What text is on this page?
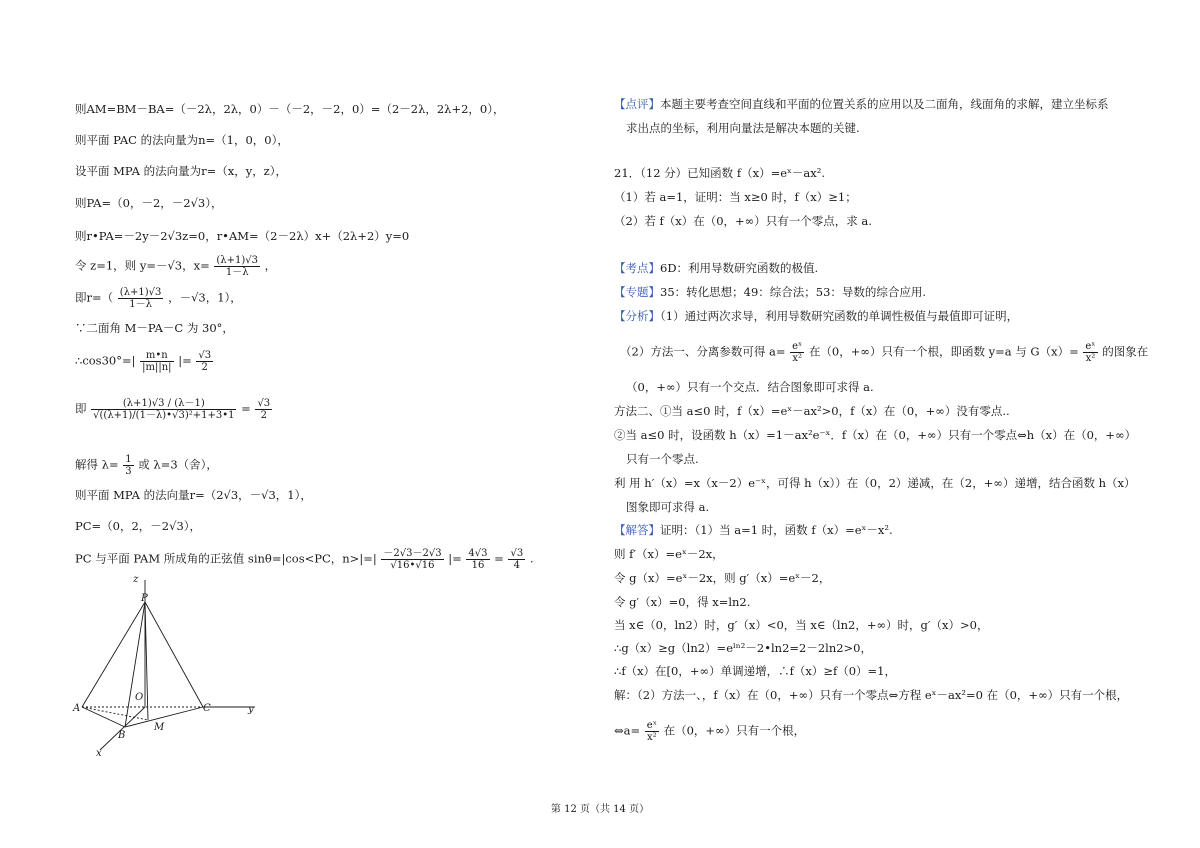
则AM=BM－BA=（－2λ，2λ，0）－（－2，－2，0）=（2－2λ，2λ+2，0），
则平面 PAC 的法向量为n=（1，0，0），
设平面 MPA 的法向量为r=（x，y，z），
则PA=（0，－2，－2√3），
则r•PA=－2y－2√3z=0，r•AM=（2－2λ）x+（2λ+2）y=0
令 z=1，则 y=－√3，$x= \frac{(\lambda+1)√3}{1-\lambda}$ ，
即$r=( \frac{(\lambda+1)√3}{1-\lambda}$ ，－√3，1），
∵二面角 M－PA－C 为 30°，
∴cos30°=| $\frac{m•n}{|m||n|}$ |= $\frac{√3}{2}$
即 $\frac{(\lambda+1)√3 / (\lambda-1)}{\text{√((λ+1)/(1－λ)•√3)²+1+3•1}} = \frac{√3}{2}$
解得 $\lambda= \frac{1}{3}$ 或 λ=3（舍），
则平面 MPA 的法向量r=（2√3，－√3，1），
PC=（0，2，－2√3），
PC 与平面 PAM 所成角的正弦值 sinθ=|cos<PC，$n>|=| \frac{-2√3-2√3}{√16•√16}$ |= $\frac{4√3}{16} = \frac{√3}{4}$ .
z
P
A
O
C	y
B
M
x
【点评】本题主要考查空间直线和平面的位置关系的应用以及二面角，线面角的求解，建立坐标系
求出点的坐标，利用向量法是解决本题的关键.
21．（12 分）已知函数 f（x）=eˣ－ax².
（1）若 a=1，证明：当 x≥0 时，f（x）≥1；
（2）若 f（x）在（0，+∞）只有一个零点，求 a.
【考点】6D：利用导数研究函数的极值.
【专题】35：转化思想；49：综合法；53：导数的综合应用.
【分析】（1）通过两次求导，利用导数研究函数的单调性极值与最值即可证明，
（2）方法一、分离参数可得 $a= \frac{\text{eˣ}}{\text{x²}}$ 在（0，+∞）只有一个根，即函数 y=a 与 $G(x)= \frac{\text{eˣ}}{\text{x²}}$ 的图象在
（0，+∞）只有一个交点．结合图象即可求得 a.
方法二、①当 a≤0 时，f（x）=eˣ－ax²>0，f（x）在（0，+∞）没有零点..
②当 a≤0 时，设函数 h（x）=1－ax²e⁻ˣ．f（x）在（0，+∞）只有一个零点⇔h（x）在（0，+∞）
只有一个零点.
利 用 h′（x）=x（x－2）e⁻ˣ，可得 h（x））在（0，2）递减，在（2，+∞）递增，结合函数 h（x）
图象即可求得 a.
【解答】证明：（1）当 a=1 时，函数 f（x）=eˣ－x².
则 f′（x）=eˣ－2x，
令 g（x）=eˣ－2x，则 g′（x）=eˣ－2，
令 g′（x）=0，得 x=ln2.
当 x∈（0，ln2）时，g′（x）<0，当 x∈（ln2，+∞）时，g′（x）>0，
∴g（x）≥g（ln2）=eˡⁿ²－2•ln2=2－2ln2>0，
∴f（x）在[0，+∞）单调递增，∴f（x）≥f（0）=1，
解：（2）方法一、，f（x）在（0，+∞）只有一个零点⇔方程 eˣ－ax²=0 在（0，+∞）只有一个根，
⇔a= $\frac{\text{eˣ}}{\text{x²}}$ 在（0，+∞）只有一个根，
第 12 页（共 14 页）
